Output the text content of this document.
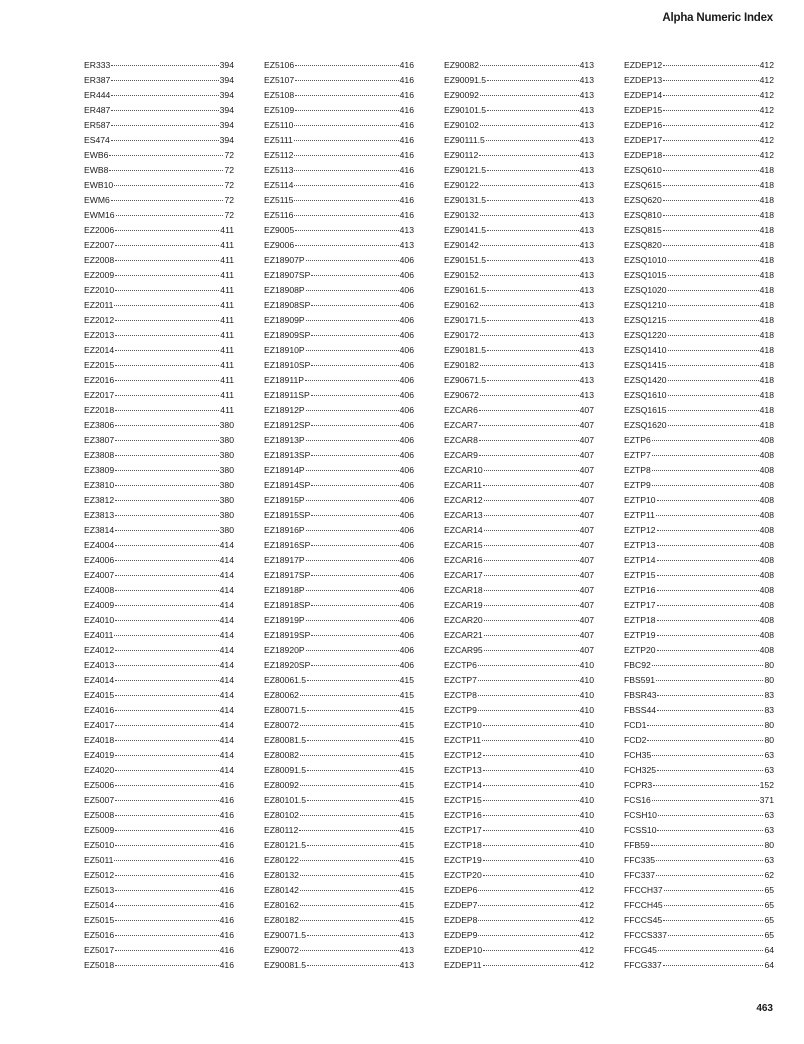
Alpha Numeric Index
ER333	394
ER387	394
ER444	394
ER487	394
ER587	394
ES474	394
EWB6	72
EWB8	72
EWB10	72
EWM6	72
EWM16	72
EZ2006	411
EZ2007	411
EZ2008	411
EZ2009	411
EZ2010	411
EZ2011	411
EZ2012	411
EZ2013	411
EZ2014	411
EZ2015	411
EZ2016	411
EZ2017	411
EZ2018	411
EZ3806	380
EZ3807	380
EZ3808	380
EZ3809	380
EZ3810	380
EZ3812	380
EZ3813	380
EZ3814	380
EZ4004	414
EZ4006	414
EZ4007	414
EZ4008	414
EZ4009	414
EZ4010	414
EZ4011	414
EZ4012	414
EZ4013	414
EZ4014	414
EZ4015	414
EZ4016	414
EZ4017	414
EZ4018	414
EZ4019	414
EZ4020	414
EZ5006	416
EZ5007	416
EZ5008	416
EZ5009	416
EZ5010	416
EZ5011	416
EZ5012	416
EZ5013	416
EZ5014	416
EZ5015	416
EZ5016	416
EZ5017	416
EZ5018	416
EZ5106	416
EZ5107	416
EZ5108	416
EZ5109	416
EZ5110	416
EZ5111	416
EZ5112	416
EZ5113	416
EZ5114	416
EZ5115	416
EZ5116	416
EZ9005	413
EZ9006	413
EZ18907P	406
EZ18907SP	406
EZ18908P	406
EZ18908SP	406
EZ18909P	406
EZ18909SP	406
EZ18910P	406
EZ18910SP	406
EZ18911P	406
EZ18911SP	406
EZ18912P	406
EZ18912SP	406
EZ18913P	406
EZ18913SP	406
EZ18914P	406
EZ18914SP	406
EZ18915P	406
EZ18915SP	406
EZ18916P	406
EZ18916SP	406
EZ18917P	406
EZ18917SP	406
EZ18918P	406
EZ18918SP	406
EZ18919P	406
EZ18919SP	406
EZ18920P	406
EZ18920SP	406
EZ80061.5	415
EZ80062	415
EZ80071.5	415
EZ80072	415
EZ80081.5	415
EZ80082	415
EZ80091.5	415
EZ80092	415
EZ80101.5	415
EZ80102	415
EZ80112	415
EZ80121.5	415
EZ80122	415
EZ80132	415
EZ80142	415
EZ80162	415
EZ80182	415
EZ90071.5	413
EZ90072	413
EZ90081.5	413
EZ90082	413
EZ90091.5	413
EZ90092	413
EZ90101.5	413
EZ90102	413
EZ90111.5	413
EZ90112	413
EZ90121.5	413
EZ90122	413
EZ90131.5	413
EZ90132	413
EZ90141.5	413
EZ90142	413
EZ90151.5	413
EZ90152	413
EZ90161.5	413
EZ90162	413
EZ90171.5	413
EZ90172	413
EZ90181.5	413
EZ90182	413
EZ90671.5	413
EZ90672	413
EZCAR6	407
EZCAR7	407
EZCAR8	407
EZCAR9	407
EZCAR10	407
EZCAR11	407
EZCAR12	407
EZCAR13	407
EZCAR14	407
EZCAR15	407
EZCAR16	407
EZCAR17	407
EZCAR18	407
EZCAR19	407
EZCAR20	407
EZCAR21	407
EZCAR95	407
EZCTP6	410
EZCTP7	410
EZCTP8	410
EZCTP9	410
EZCTP10	410
EZCTP11	410
EZCTP12	410
EZCTP13	410
EZCTP14	410
EZCTP15	410
EZCTP16	410
EZCTP17	410
EZCTP18	410
EZCTP19	410
EZCTP20	410
EZDEP6	412
EZDEP7	412
EZDEP8	412
EZDEP9	412
EZDEP10	412
EZDEP11	412
EZDEP12	412
EZDEP13	412
EZDEP14	412
EZDEP15	412
EZDEP16	412
EZDEP17	412
EZDEP18	412
EZSQ610	418
EZSQ615	418
EZSQ620	418
EZSQ810	418
EZSQ815	418
EZSQ820	418
EZSQ1010	418
EZSQ1015	418
EZSQ1020	418
EZSQ1210	418
EZSQ1215	418
EZSQ1220	418
EZSQ1410	418
EZSQ1415	418
EZSQ1420	418
EZSQ1610	418
EZSQ1615	418
EZSQ1620	418
EZTP6	408
EZTP7	408
EZTP8	408
EZTP9	408
EZTP10	408
EZTP11	408
EZTP12	408
EZTP13	408
EZTP14	408
EZTP15	408
EZTP16	408
EZTP17	408
EZTP18	408
EZTP19	408
EZTP20	408
FBC92	80
FBS591	80
FBSR43	83
FBSS44	83
FCD1	80
FCD2	80
FCH35	63
FCH325	63
FCPR3	152
FCS16	371
FCSH10	63
FCSS10	63
FFB59	80
FFC335	63
FFC337	62
FFCCH37	65
FFCCH45	65
FFCCS45	65
FFCCS337	65
FFCG45	64
FFCG337	64
463
